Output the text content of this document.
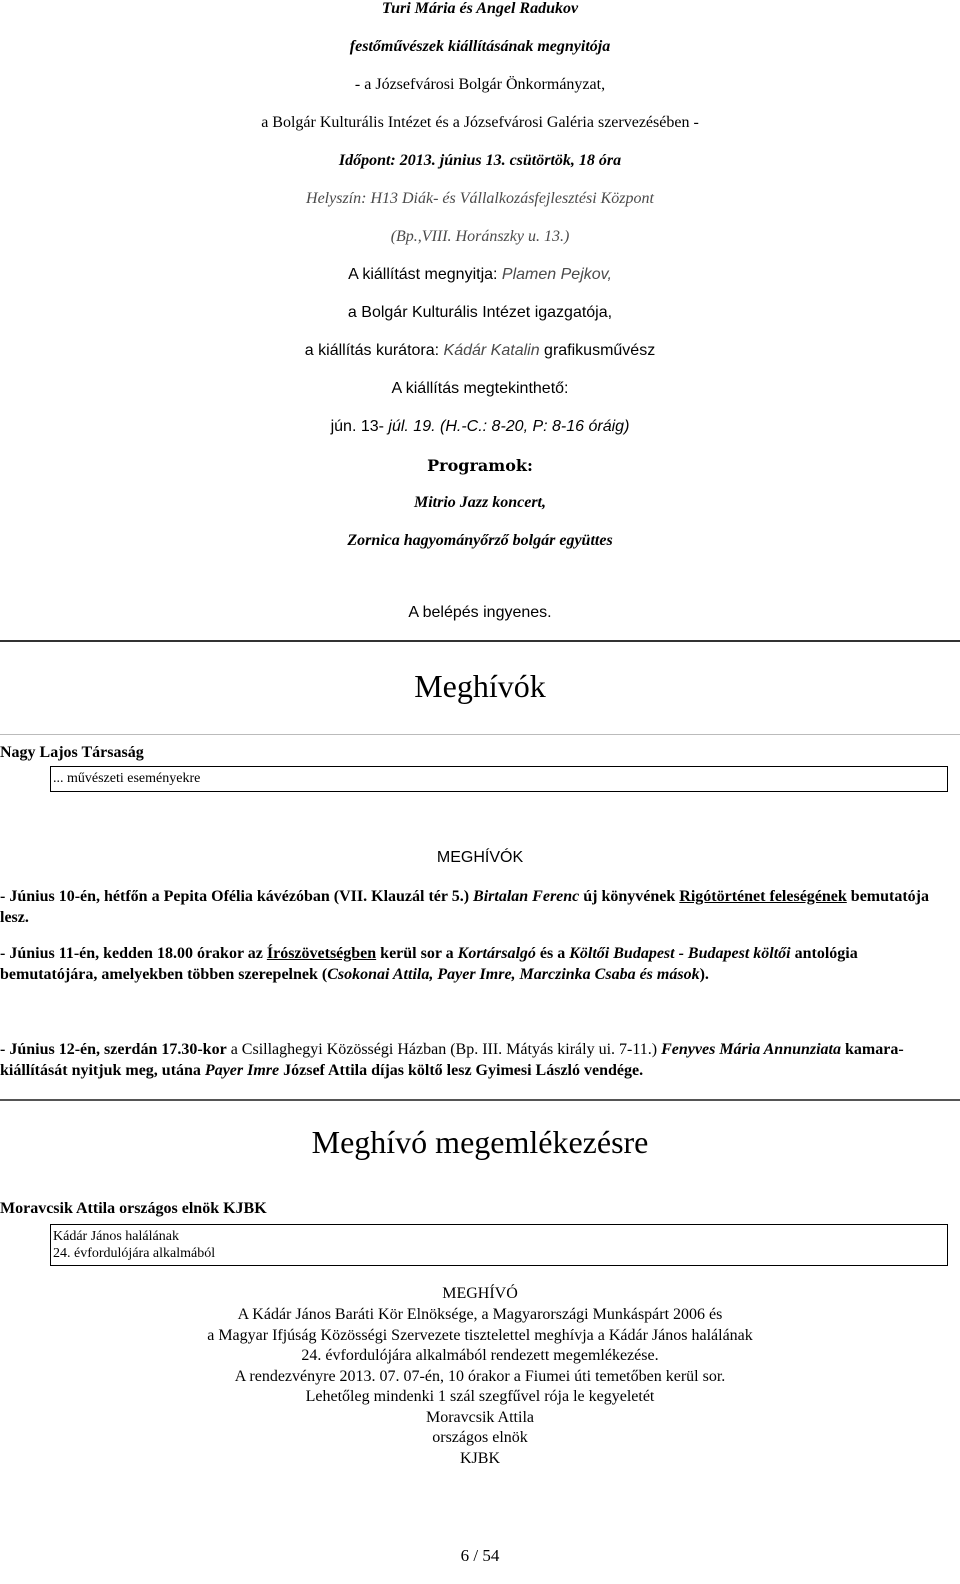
Turi Mária és Angel Radukov
festőművészek kiállításának megnyitója
- a Józsefvárosi Bolgár Önkormányzat,
a Bolgár Kulturális Intézet és a Józsefvárosi Galéria szervezésében -
Időpont: 2013. június 13. csütörtök, 18 óra
Helyszín: H13 Diák- és Vállalkozásfejlesztési Központ
(Bp.,VIII. Horánszky u. 13.)
A kiállítást megnyitja: Plamen Pejkov,
a Bolgár Kulturális Intézet igazgatója,
a kiállítás kurátora: Kádár Katalin grafikusművész
A kiállítás megtekinthető:
jún. 13- júl. 19. (H.-C.: 8-20, P: 8-16 óráig)
Programok:
Mitrio Jazz koncert,
Zornica hagyományőrző bolgár együttes
A belépés ingyenes.
Meghívók
Nagy Lajos Társaság
... művészeti eseményekre
MEGHÍVÓK
- Június 10-én, hétfőn a Pepita Ofélia kávézóban (VII. Klauzál tér 5.) Birtalan Ferenc új könyvének Rigótörténet feleségének bemutatója lesz.
- Június 11-én, kedden 18.00 órakor az Írószövetségben kerül sor a Kortársalgó és a Költői Budapest - Budapest költői antológia bemutatójára, amelyekben többen szerepelnek (Csokonai Attila, Payer Imre, Marczinka Csaba és mások).
- Június 12-én, szerdán 17.30-kor a Csillaghegyi Közösségi Házban (Bp. III. Mátyás király ui. 7-11.) Fenyves Mária Annunziata kamara-kiállítását nyitjuk meg, utána Payer Imre József Attila díjas költő lesz Gyimesi László vendége.
Meghívó megemlékezésre
Moravcsik Attila országos elnök KJBK
Kádár János halálának
24. évfordulójára alkalmából
MEGHÍVÓ
A Kádár János Baráti Kör Elnöksége, a Magyarországi Munkáspárt 2006 és
a Magyar Ifjúság Közösségi Szervezete tisztelettel meghívja a Kádár János halálának
24. évfordulójára alkalmából rendezett megemlékezése.
A rendezvényre 2013. 07. 07-én, 10 órakor a Fiumei úti temetőben kerül sor.
Lehetőleg mindenki 1 szál szegfűvel rója le kegyeletét
Moravcsik Attila
országos elnök
KJBK
6 / 54
